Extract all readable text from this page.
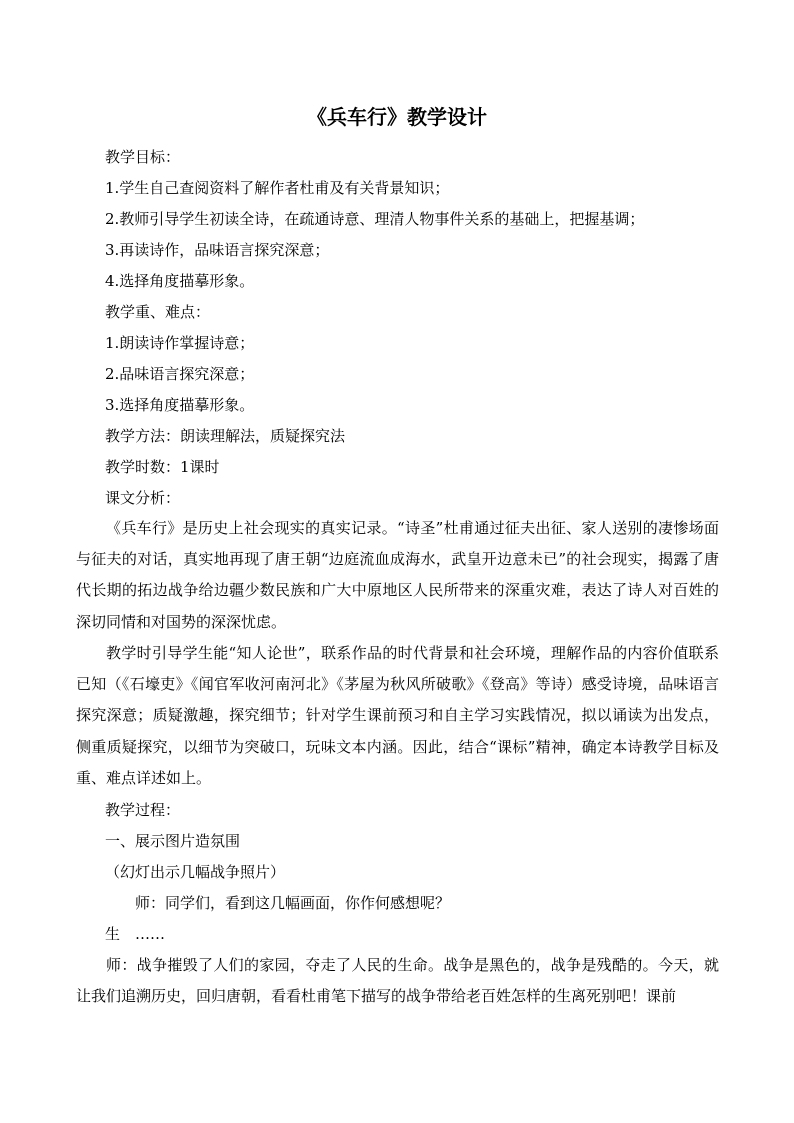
《兵车行》教学设计
教学目标：
1.学生自己查阅资料了解作者杜甫及有关背景知识；
2.教师引导学生初读全诗，在疏通诗意、理清人物事件关系的基础上，把握基调；
3.再读诗作，品味语言探究深意；
4.选择角度描摹形象。
教学重、难点：
1.朗读诗作掌握诗意；
2.品味语言探究深意；
3.选择角度描摹形象。
教学方法：朗读理解法，质疑探究法
教学时数：1课时
课文分析：
《兵车行》是历史上社会现实的真实记录。“诗圣”杜甫通过征夫出征、家人送别的凄惨场面与征夫的对话，真实地再现了唐王朝“边庭流血成海水，武皇开边意未已”的社会现实，揭露了唐代长期的拓边战争给边疆少数民族和广大中原地区人民所带来的深重灾难，表达了诗人对百姓的深切同情和对国势的深深忧虑。
教学时引导学生能“知人论世”，联系作品的时代背景和社会环境，理解作品的内容价值联系已知（《石壕吏》《闻官军收河南河北》《茅屋为秋风所破歌》《登高》等诗）感受诗境，品味语言探究深意；质疑激趣，探究细节；针对学生课前预习和自主学习实践情况，拟以诵读为出发点，侧重质疑探究，以细节为突破口，玩味文本内涵。因此，结合“课标”精神，确定本诗教学目标及重、难点详述如上。
教学过程：
一、展示图片造氛围
（幻灯出示几幅战争照片）
师：同学们，看到这几幅画面，你作何感想呢？
生　……
师：战争摧毁了人们的家园，夺走了人民的生命。战争是黑色的，战争是残酷的。今天，就让我们追溯历史，回归唐朝，看看杜甫笔下描写的战争带给老百姓怎样的生离死别吧！课前
